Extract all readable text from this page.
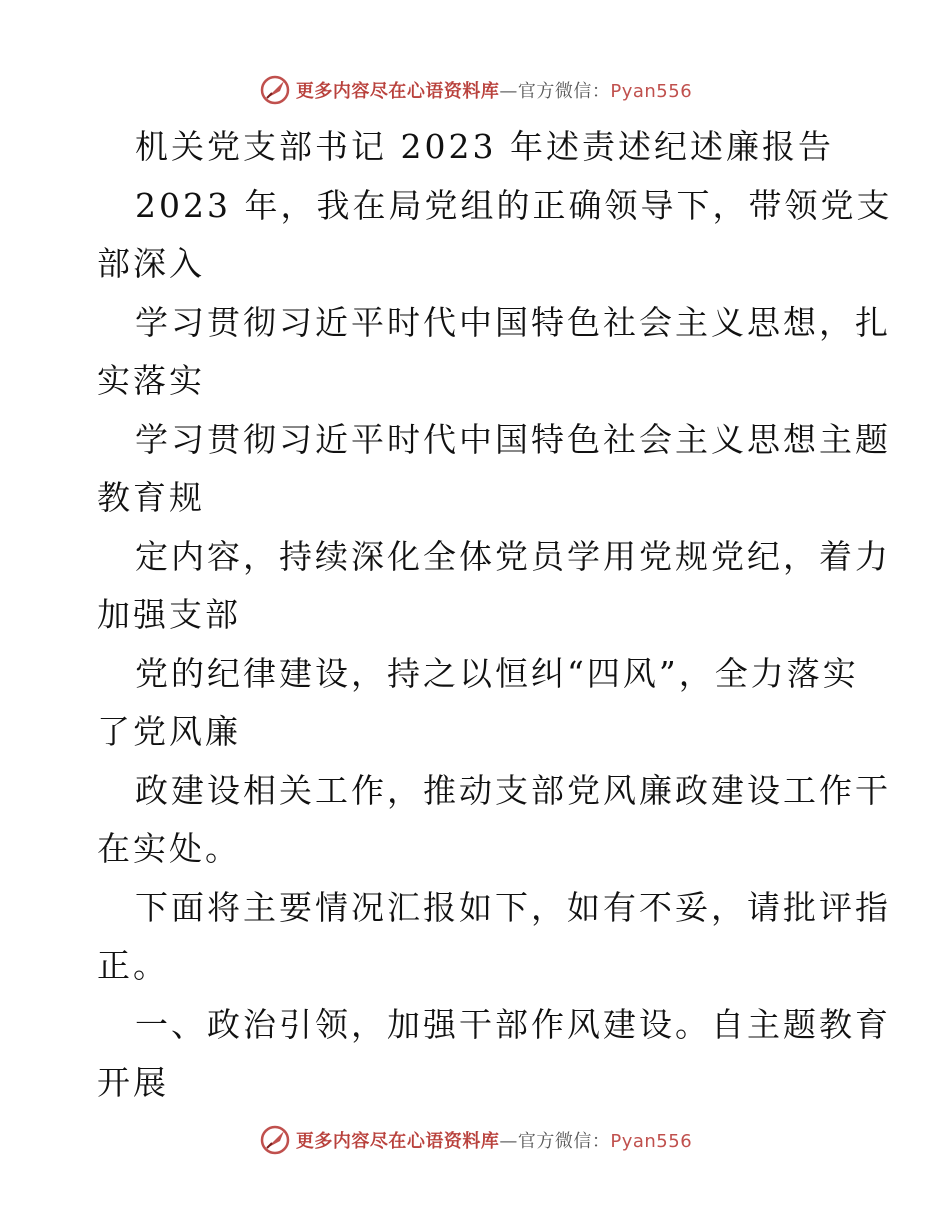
更多内容尽在心语资料库—官方微信：Pyan556

机关党支部书记 2023 年述责述纪述廉报告

2023 年，我在局党组的正确领导下，带领党支

部深入

学习贯彻习近平时代中国特色社会主义思想，扎

实落实

学习贯彻习近平时代中国特色社会主义思想主题

教育规

定内容，持续深化全体党员学用党规党纪，着力

加强支部

党的纪律建设，持之以恒纠“四风”，全力落实

了党风廉

政建设相关工作，推动支部党风廉政建设工作干

在实处。

下面将主要情况汇报如下，如有不妥，请批评指

正。

一、政治引领，加强干部作风建设。自主题教育

开展

更多内容尽在心语资料库—官方微信：Pyan556
